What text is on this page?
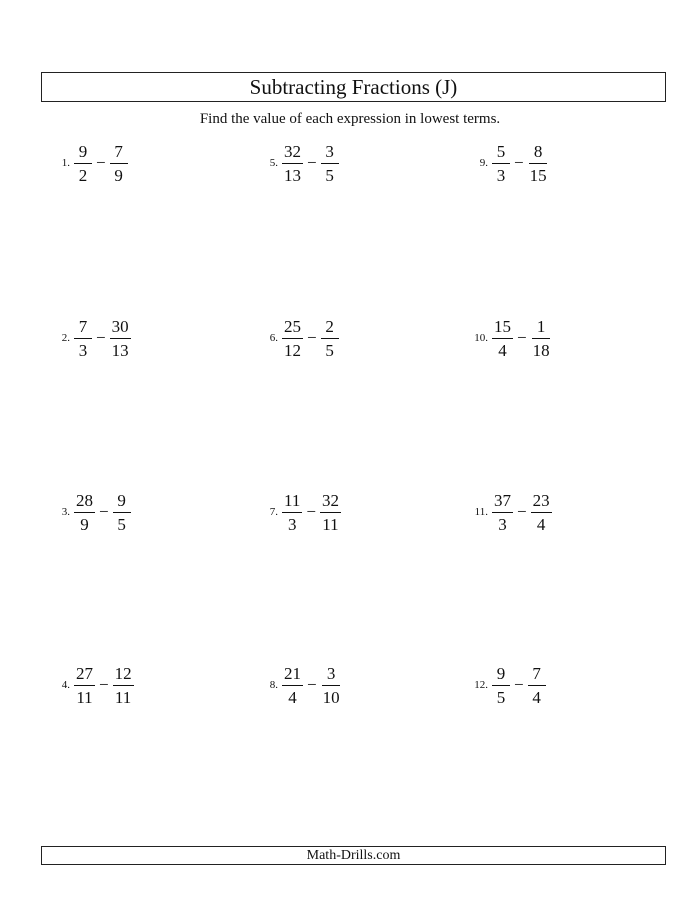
Subtracting Fractions (J)
Find the value of each expression in lowest terms.
1. $\frac{9}{2} - \frac{7}{9}$
2. $\frac{7}{3} - \frac{30}{13}$
3. $\frac{28}{9} - \frac{9}{5}$
4. $\frac{27}{11} - \frac{12}{11}$
5. $\frac{32}{13} - \frac{3}{5}$
6. $\frac{25}{12} - \frac{2}{5}$
7. $\frac{11}{3} - \frac{32}{11}$
8. $\frac{21}{4} - \frac{3}{10}$
9. $\frac{5}{3} - \frac{8}{15}$
10. $\frac{15}{4} - \frac{1}{18}$
11. $\frac{37}{3} - \frac{23}{4}$
12. $\frac{9}{5} - \frac{7}{4}$
Math-Drills.com
